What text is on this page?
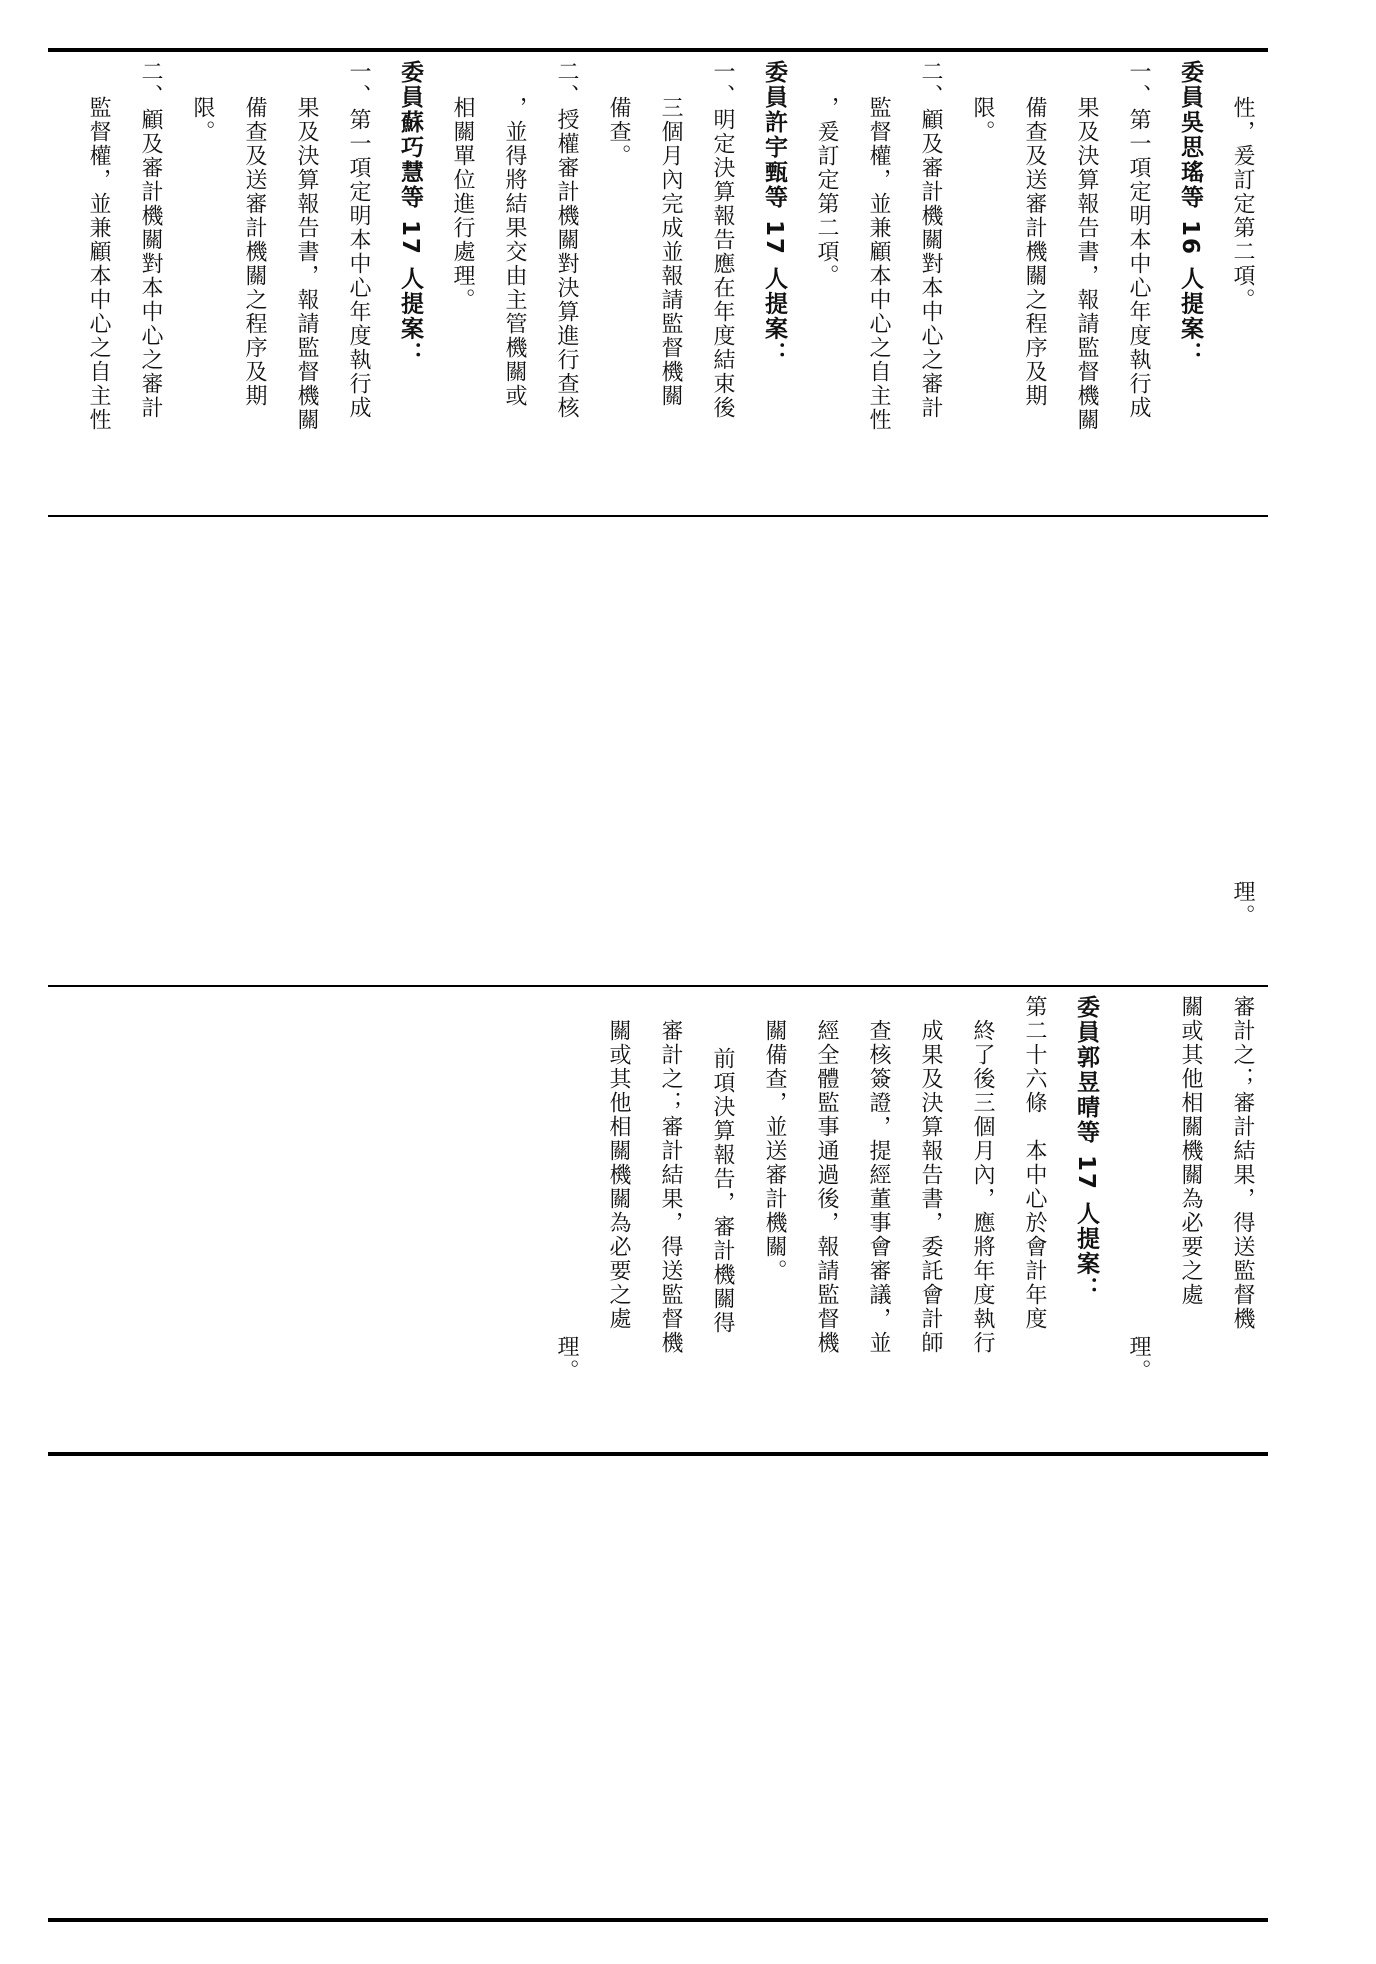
性，爰訂定第二項。
委員吳思瑤等 16 人提案：
一、第一項定明本中心年度執行成
果及決算報告書，報請監督機關
備查及送審計機關之程序及期
限。
二、顧及審計機關對本中心之審計
監督權，並兼顧本中心之自主性
，爰訂定第二項。
委員許宇甄等 17 人提案：
一、明定決算報告應在年度結束後
三個月內完成並報請監督機關
備查。
二、授權審計機關對決算進行查核
，並得將結果交由主管機關或
相關單位進行處理。
委員蘇巧慧等 17 人提案：
一、第一項定明本中心年度執行成
果及決算報告書，報請監督機關
備查及送審計機關之程序及期
限。
二、顧及審計機關對本中心之審計
監督權，並兼顧本中心之自主性
理。
審計之；審計結果，得送監督機
關或其他相關機關為必要之處
理。
委員郭昱晴等 17 人提案：
第二十六條　本中心於會計年度
終了後三個月內，應將年度執行
成果及決算報告書，委託會計師
查核簽證，提經董事會審議，並
經全體監事通過後，報請監督機
關備查，並送審計機關。
前項決算報告，審計機關得
審計之；審計結果，得送監督機
關或其他相關機關為必要之處
理。
